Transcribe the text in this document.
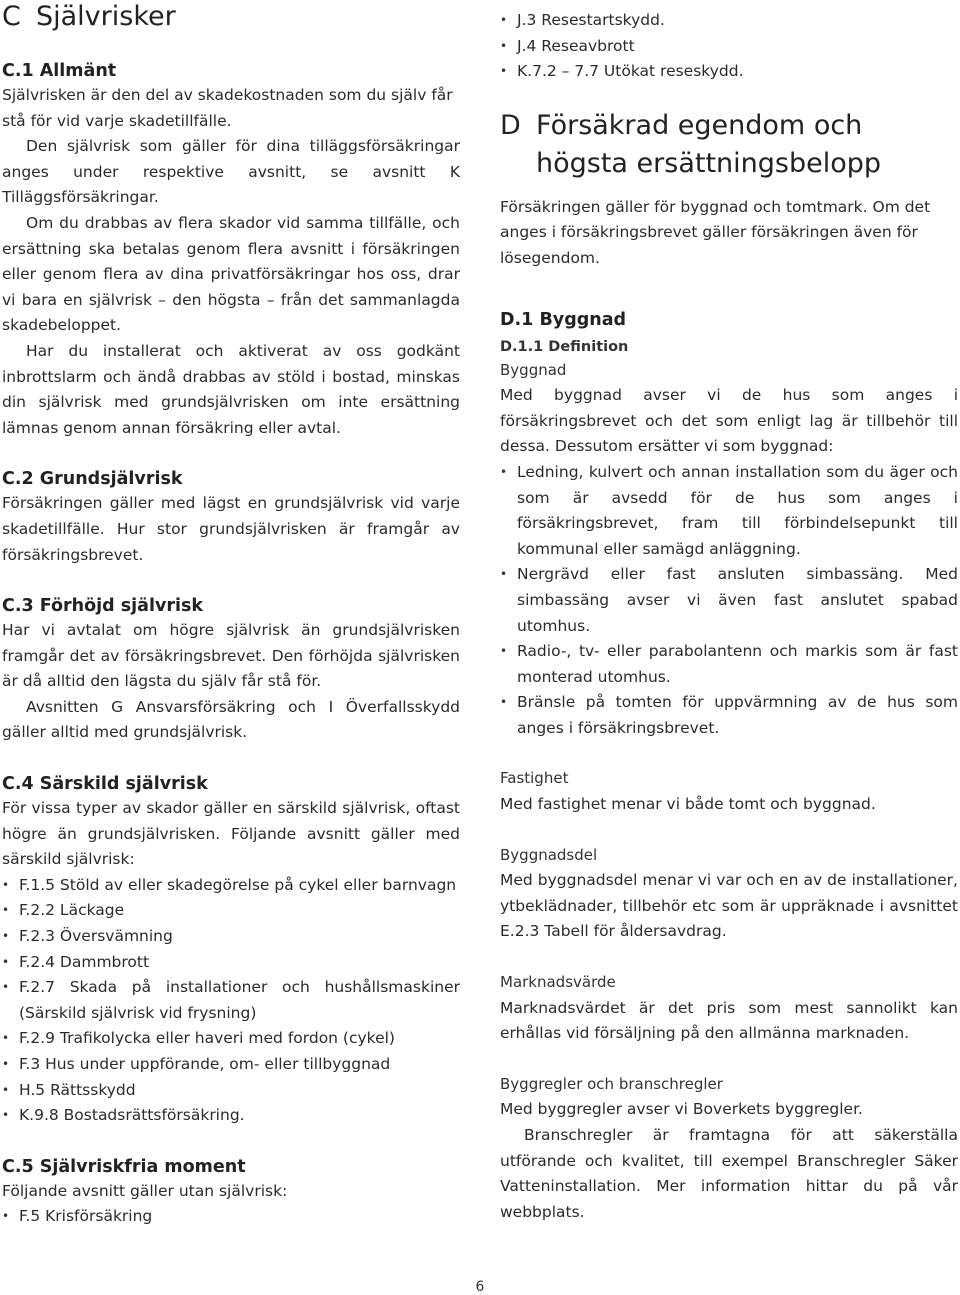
C Självrisker
C.1 Allmänt

Självrisken är den del av skadekostnaden som du själv får stå för vid varje skadetillfälle.

Den självrisk som gäller för dina tilläggsförsäkringar anges under respektive avsnitt, se avsnitt K Tilläggsförsäkringar.

Om du drabbas av flera skador vid samma tillfälle, och ersättning ska betalas genom flera avsnitt i försäkringen eller genom flera av dina privatförsäkringar hos oss, drar vi bara en självrisk – den högsta – från det sammanlagda skadebeloppet.

Har du installerat och aktiverat av oss godkänt inbrottslarm och ändå drabbas av stöld i bostad, minskas din självrisk med grundsjälvrisken om inte ersättning lämnas genom annan försäkring eller avtal.

C.2 Grundsjälvrisk

Försäkringen gäller med lägst en grundsjälvrisk vid varje skadetillfälle. Hur stor grundsjälvrisken är framgår av försäkringsbrevet.

C.3 Förhöjd självrisk

Har vi avtalat om högre självrisk än grundsjälvrisken framgår det av försäkringsbrevet. Den förhöjda självrisken är då alltid den lägsta du själv får stå för.

Avsnitten G Ansvarsförsäkring och I Överfallsskydd gäller alltid med grundsjälvrisk.

C.4 Särskild självrisk

För vissa typer av skador gäller en särskild självrisk, oftast högre än grundsjälvrisken. Följande avsnitt gäller med särskild självrisk:

• F.1.5 Stöld av eller skadegörelse på cykel eller barnvagn
• F.2.2 Läckage
• F.2.3 Översvämning
• F.2.4 Dammbrott
• F.2.7 Skada på installationer och hushållsmaskiner (Särskild självrisk vid frysning)
• F.2.9 Trafikolycka eller haveri med fordon (cykel)
• F.3 Hus under uppförande, om- eller tillbyggnad
• H.5 Rättsskydd
• K.9.8 Bostadsrättsförsäkring.
C.5 Självriskfria moment

Följande avsnitt gäller utan självrisk:

• F.5 Krisförsäkring
• J.3 Resestartskydd.
• J.4 Reseavbrott
• K.7.2 – 7.7 Utökat reseskydd.
D Försäkrad egendom och högsta ersättningsbelopp

Försäkringen gäller för byggnad och tomtmark. Om det anges i försäkringsbrevet gäller försäkringen även för lösegendom.

D.1 Byggnad
D.1.1 Definition
Byggnad

Med byggnad avser vi de hus som anges i försäkringsbrevet och det som enligt lag är tillbehör till dessa. Dessutom ersätter vi som byggnad:

• Ledning, kulvert och annan installation som du äger och som är avsedd för de hus som anges i försäkringsbrevet, fram till förbindelsepunkt till kommunal eller samägd anläggning.
• Nergrävd eller fast ansluten simbassäng. Med simbassäng avser vi även fast anslutet spabad utomhus.
• Radio-, tv- eller parabolantenn och markis som är fast monterad utomhus.
• Bränsle på tomten för uppvärmning av de hus som anges i försäkringsbrevet.
Fastighet

Med fastighet menar vi både tomt och byggnad.

Byggnadsdel

Med byggnadsdel menar vi var och en av de installationer, ytbeklädnader, tillbehör etc som är uppräknade i avsnittet E.2.3 Tabell för åldersavdrag.

Marknadsvärde

Marknadsvärdet är det pris som mest sannolikt kan erhållas vid försäljning på den allmänna marknaden.

Byggregler och branschregler

Med byggregler avser vi Boverkets byggregler.

Branschregler är framtagna för att säkerställa utförande och kvalitet, till exempel Branschregler Säker Vatteninstallation. Mer information hittar du på vår webbplats.

6
